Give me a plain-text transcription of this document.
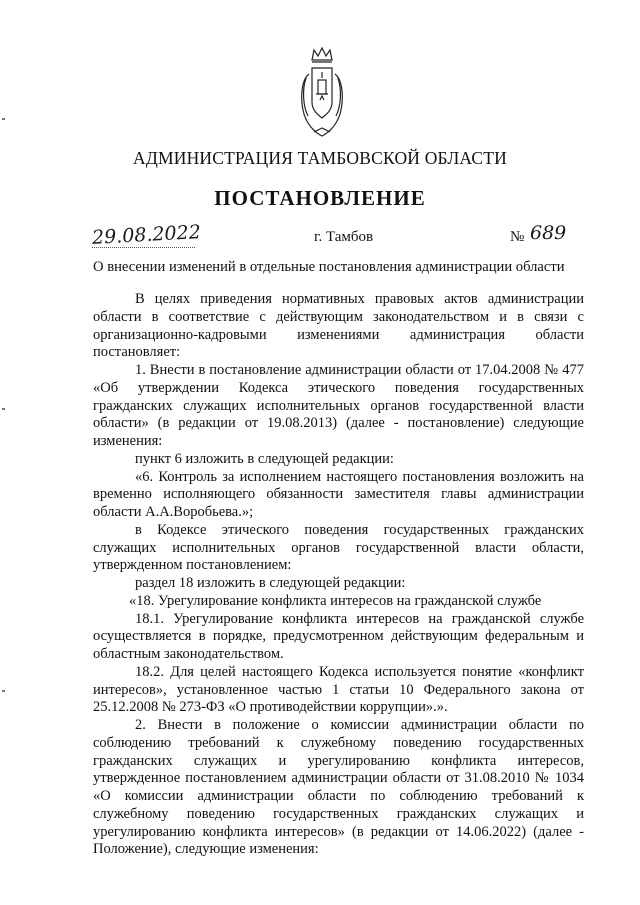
АДМИНИСТРАЦИЯ ТАМБОВСКОЙ ОБЛАСТИ
ПОСТАНОВЛЕНИЕ
29.08.2022	г. Тамбов	№ 689
О внесении изменений в отдельные постановления администрации области

В целях приведения нормативных правовых актов администрации области в соответствие с действующим законодательством и в связи с организационно-кадровыми изменениями администрация области постановляет:

1. Внести в постановление администрации области от 17.04.2008 № 477 «Об утверждении Кодекса этического поведения государственных гражданских служащих исполнительных органов государственной власти области» (в редакции от 19.08.2013) (далее - постановление) следующие изменения:

пункт 6 изложить в следующей редакции:

«6. Контроль за исполнением настоящего постановления возложить на временно исполняющего обязанности заместителя главы администрации области А.А.Воробьева.»;

в Кодексе этического поведения государственных гражданских служащих исполнительных органов государственной власти области, утвержденном постановлением:

раздел 18 изложить в следующей редакции:

«18. Урегулирование конфликта интересов на гражданской службе

18.1. Урегулирование конфликта интересов на гражданской службе осуществляется в порядке, предусмотренном действующим федеральным и областным законодательством.

18.2. Для целей настоящего Кодекса используется понятие «конфликт интересов», установленное частью 1 статьи 10 Федерального закона от 25.12.2008 № 273-ФЗ «О противодействии коррупции».».

2. Внести в положение о комиссии администрации области по соблюдению требований к служебному поведению государственных гражданских служащих и урегулированию конфликта интересов, утвержденное постановлением администрации области от 31.08.2010 № 1034 «О комиссии администрации области по соблюдению требований к служебному поведению государственных гражданских служащих и урегулированию конфликта интересов» (в редакции от 14.06.2022) (далее - Положение), следующие изменения:
